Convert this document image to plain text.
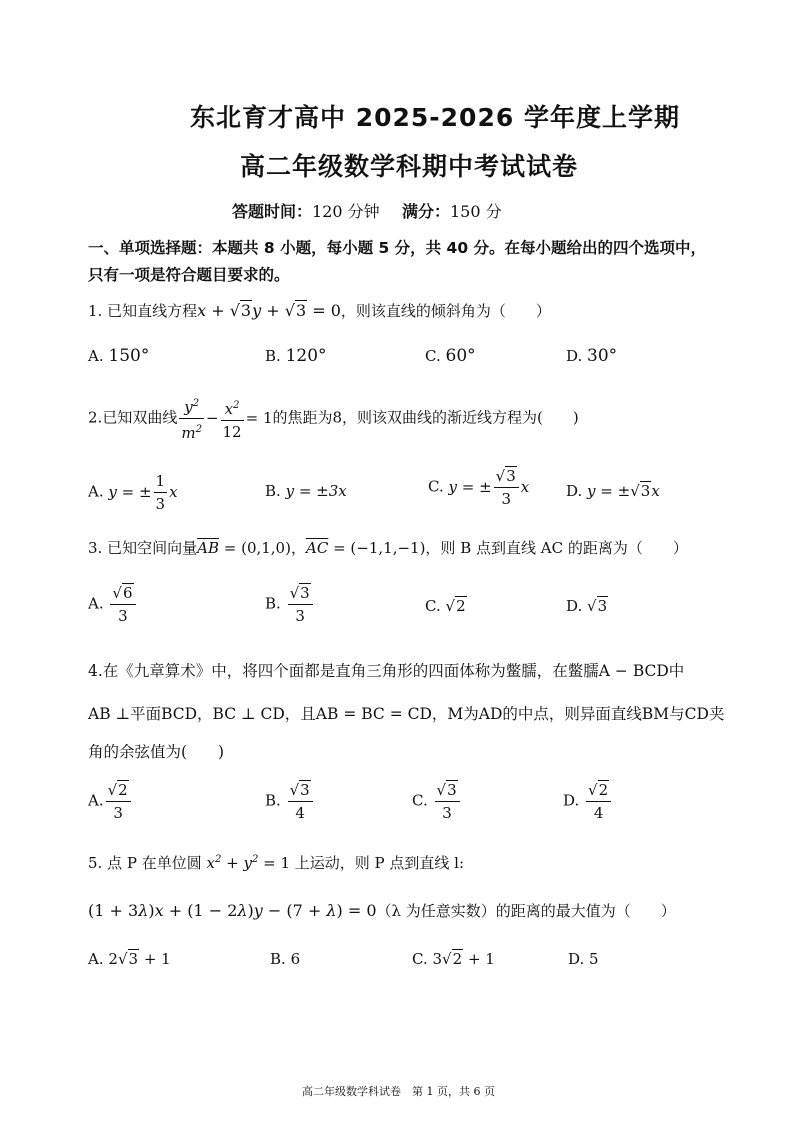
东北育才高中 2025-2026 学年度上学期
高二年级数学科期中考试试卷
答题时间：120 分钟 满分：150 分
一、单项选择题：本题共 8 小题，每小题 5 分，共 40 分。在每小题给出的四个选项中，
只有一项是符合题目要求的。
1. 已知直线方程x + √3y + √3 = 0，则该直线的倾斜角为（　　）
A. 150°	B. 120°	C. 60°	D. 30°
2.已知双曲线 $\frac{y^2}{m^2} - \frac{x^2}{12} = 1$的焦距为8，则该双曲线的渐近线方程为(　　)
A. y = ± $\frac{1}{3}$ x	B. y = ±3x	C. y = ± $\frac{√3}{3}$ x D. y = ±√3x
3. 已知空间向量$\overline{AB} = (0,1,0)$，$\overline{AC} = (-1,1,-1)$，则 B 点到直线 AC 的距离为（　　）
A. $\frac{√6}{3}$	B. $\frac{√3}{3}$	C. √2	D. √3
4.在《九章算术》中，将四个面都是直角三角形的四面体称为鳖臑，在鳖臑A − BCD中
AB ⊥平面BCD，BC ⊥ CD，且AB = BC = CD，M为AD的中点，则异面直线BM与CD夹
角的余弦值为(　　)
A. $\frac{√2}{3}$	B. $\frac{√3}{4}$	C. $\frac{√3}{3}$	D. $\frac{√2}{4}$
5. 点 P 在单位圆 $x^2 + y^2 = 1$ 上运动，则 P 点到直线 l:
(1 + 3λ)x + (1 − 2λ)y − (7 + λ) = 0（λ 为任意实数）的距离的最大值为（　　）
A. 2√3 + 1	B. 6	C. 3√2 + 1	D. 5
高二年级数学科试卷　第 1 页，共 6 页
